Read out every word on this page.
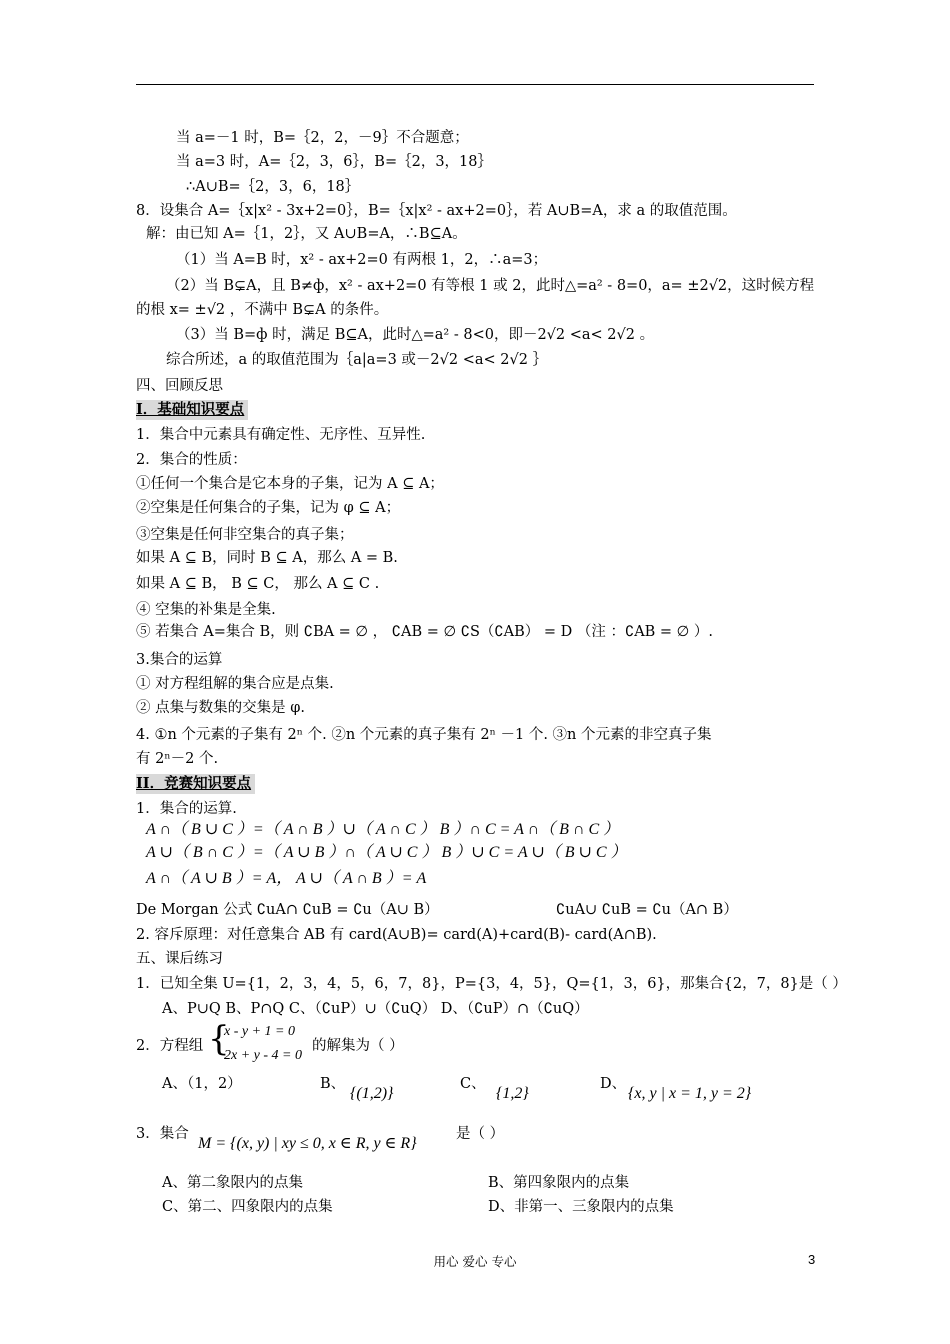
当 a=－1 时，B=｛2，2，－9｝不合题意；
当 a=3 时，A=｛2，3，6｝，B=｛2，3，18｝
∴A∪B=｛2，3，6，18｝
8．设集合 A=｛x|x² - 3x+2=0｝，B=｛x|x² - ax+2=0｝，若 A∪B=A，求 a 的取值范围。
解：由已知 A=｛1，2｝，又 A∪B=A，∴B⊆A。
（1）当 A=B 时，x² - ax+2=0 有两根 1，2，∴a=3；
（2）当 B⊊A，且 B≠ф，x² - ax+2=0 有等根 1 或 2，此时△=a² - 8=0，a= ±2√2，这时候方程
的根 x= ±√2 ，不满中 B⊊A 的条件。
（3）当 B=ф 时，满足 B⊆A，此时△=a² - 8<0，即－2√2 <a< 2√2 。
综合所述，a 的取值范围为｛a|a=3 或－2√2 <a< 2√2 ｝
四、回顾反思
I．基础知识要点
1．集合中元素具有确定性、无序性、互异性.
2．集合的性质：
①任何一个集合是它本身的子集，记为 A ⊆ A；
②空集是任何集合的子集，记为 φ ⊆ A；
③空集是任何非空集合的真子集；
如果 A ⊆ B，同时 B ⊆ A，那么 A = B.
如果 A ⊆ B， B ⊆ C， 那么 A ⊆ C .
④ 空集的补集是全集.
⑤ 若集合 A=集合 B，则 ∁BA = ∅ ， ∁AB = ∅ ∁S（∁AB） = D （注 ：∁AB = ∅ ）.
3.集合的运算
① 对方程组解的集合应是点集.
② 点集与数集的交集是 φ.
4. ①n 个元素的子集有 2ⁿ 个. ②n 个元素的真子集有 2ⁿ －1 个. ③n 个元素的非空真子集
有 2ⁿ－2 个.
II．竞赛知识要点
1．集合的运算.
A ∩（ B ∪ C ）=（ A ∩ B ）∪（ A ∩ C ） B ）∩ C = A ∩（ B ∩ C ）
A ∪（ B ∩ C ）=（ A ∪ B ）∩（ A ∪ C ） B ）∪ C = A ∪（ B ∪ C ）
A ∩（ A ∪ B ）= A， A ∪（ A ∩ B ）= A
De Morgan 公式 ∁uA∩ ∁uB = ∁u（A∪ B）	∁uA∪ ∁uB = ∁u（A∩ B）
2. 容斥原理：对任意集合 AB 有 card(A∪B)= card(A)+card(B)- card(A∩B).
五、课后练习
1．已知全集 U={1，2，3，4，5，6，7，8}，P={3，4，5}，Q={1，3，6}，那集合{2，7，8}是（ ）
A、P∪Q B、P∩Q C、（∁uP）∪（∁uQ） D、（∁uP）∩（∁uQ）
2．方程组 {
x - y + 1 = 0
2x + y - 4 = 0
的解集为（ ）
A、（1，2）	B、
{(1,2)}
C、
{1,2}
D、
{x, y | x = 1, y = 2}
3．集合
M = {(x, y) | xy ≤ 0, x ∈ R, y ∈ R}
是（ ）
A、第二象限内的点集	B、第四象限内的点集
C、第二、四象限内的点集	D、非第一、三象限内的点集
用心 爱心 专心	3
